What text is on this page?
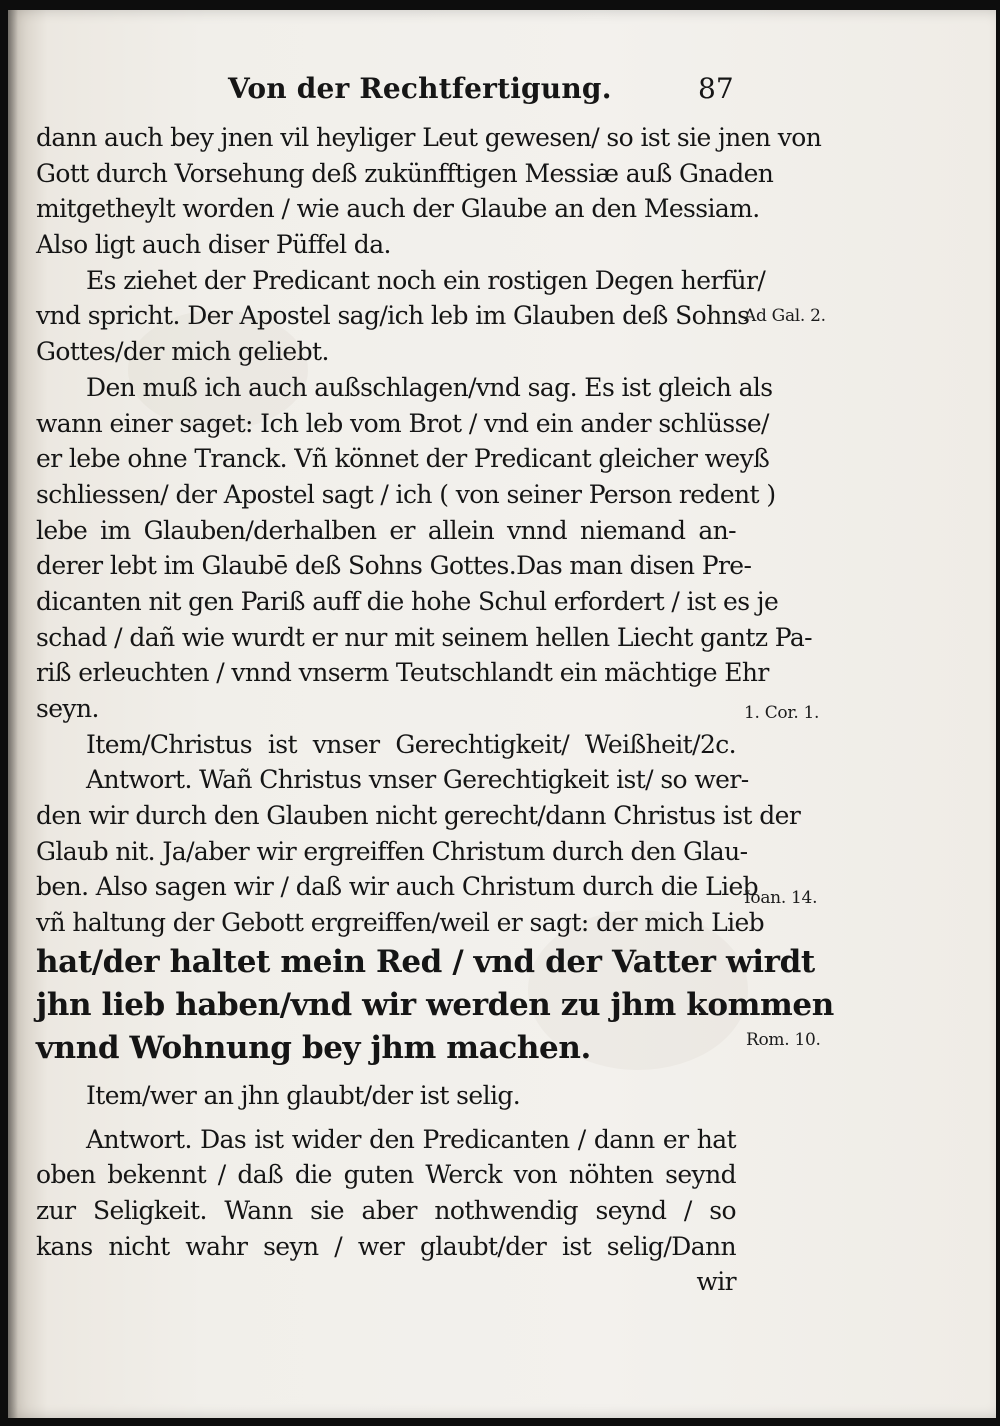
Von der Rechtfertigung.	87
dann auch bey jnen vil heyliger Leut gewesen/ so ist sie jnen von
Gott durch Vorsehung deß zukünfftigen Messiæ auß Gnaden
mitgetheylt worden / wie auch der Glaube an den Messiam.
Also ligt auch diser Püffel da.
Es ziehet der Predicant noch ein rostigen Degen herfür/
vnd spricht. Der Apostel sag/ich leb im Glauben deß Sohns
Gottes/der mich geliebt.
Den muß ich auch außschlagen/vnd sag. Es ist gleich als
wann einer saget: Ich leb vom Brot / vnd ein ander schlüsse/
er lebe ohne Tranck. Vñ könnet der Predicant gleicher weyß
schliessen/ der Apostel sagt / ich ( von seiner Person redent )
lebe im Glauben/derhalben er allein vnnd niemand an-
derer lebt im Glaubē deß Sohns Gottes.Das man disen Pre-
dicanten nit gen Pariß auff die hohe Schul erfordert / ist es je
schad / dañ wie wurdt er nur mit seinem hellen Liecht gantz Pa-
riß erleuchten / vnnd vnserm Teutschlandt ein mächtige Ehr
seyn.
Item/Christus ist vnser Gerechtigkeit/ Weißheit/2c.
Antwort. Wañ Christus vnser Gerechtigkeit ist/ so wer-
den wir durch den Glauben nicht gerecht/dann Christus ist der
Glaub nit. Ja/aber wir ergreiffen Christum durch den Glau-
ben. Also sagen wir / daß wir auch Christum durch die Lieb
vñ haltung der Gebott ergreiffen/weil er sagt: der mich Lieb
hat/der haltet mein Red / vnd der Vatter wirdt
jhn lieb haben/vnd wir werden zu jhm kommen
vnnd Wohnung bey jhm machen.
Item/wer an jhn glaubt/der ist selig.
Antwort. Das ist wider den Predicanten / dann er hat
oben bekennt / daß die guten Werck von nöhten seynd
zur Seligkeit. Wann sie aber nothwendig seynd / so
kans nicht wahr seyn / wer glaubt/der ist selig/Dann
wir
Ad Gal. 2.
1. Cor. 1.
Ioan. 14.
Rom. 10.
